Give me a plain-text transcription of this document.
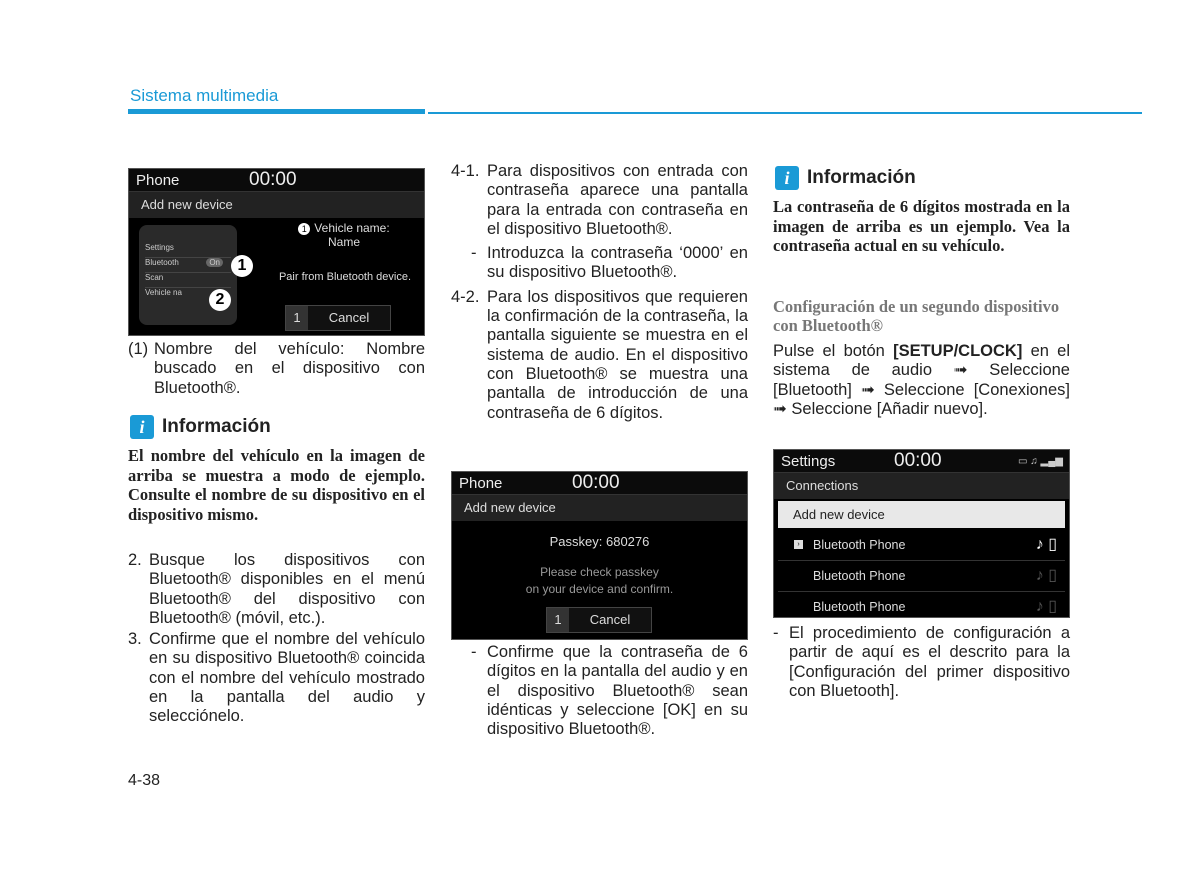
Sistema multimedia
Phone	00:00
Add new device
Settings
Bluetooth	On
Scan
Vehicle na
1
2
1 Vehicle name:
Name
Pair from Bluetooth device.
1	Cancel
(1) Nombre del vehículo: Nombre buscado en el dispositivo con Bluetooth®.
i Información
El nombre del vehículo en la imagen de arriba se muestra a modo de ejemplo. Consulte el nombre de su dispositivo en el dispositivo mismo.
2. Busque los dispositivos con Bluetooth® disponibles en el menú Bluetooth® del dispositivo con Bluetooth® (móvil, etc.).
3. Confirme que el nombre del vehículo en su dispositivo Bluetooth® coincida con el nombre del vehículo mostrado en la pantalla del audio y selecciónelo.
4-38
4-1. Para dispositivos con entrada con contraseña aparece una pantalla para la entrada con contraseña en el dispositivo Bluetooth®.
- Introduzca la contraseña ‘0000’ en su dispositivo Bluetooth®.
4-2. Para los dispositivos que requieren la confirmación de la contraseña, la pantalla siguiente se muestra en el sistema de audio. En el dispositivo con Bluetooth® se muestra una pantalla de introducción de una contraseña de 6 dígitos.
Phone	00:00
Add new device
Passkey: 680276
Please check passkey
on your device and confirm.
1	Cancel
- Confirme que la contraseña de 6 dígitos en la pantalla del audio y en el dispositivo Bluetooth® sean idénticas y seleccione [OK] en su dispositivo Bluetooth®.
i Información
La contraseña de 6 dígitos mostrada en la imagen de arriba es un ejemplo. Vea la contraseña actual en su vehículo.
Configuración de un segundo dispositivo con Bluetooth®
Pulse el botón [SETUP/CLOCK] en el sistema de audio ➟ Seleccione [Bluetooth] ➟ Seleccione [Conexiones] ➟ Seleccione [Añadir nuevo].
Settings	00:00	▭ ♫ ▂▄▆
Connections
Add new device
› Bluetooth Phone	♪ ▯
Bluetooth Phone	♪ ▯
Bluetooth Phone	♪ ▯
- El procedimiento de configuración a partir de aquí es el descrito para la [Configuración del primer dispositivo con Bluetooth].
